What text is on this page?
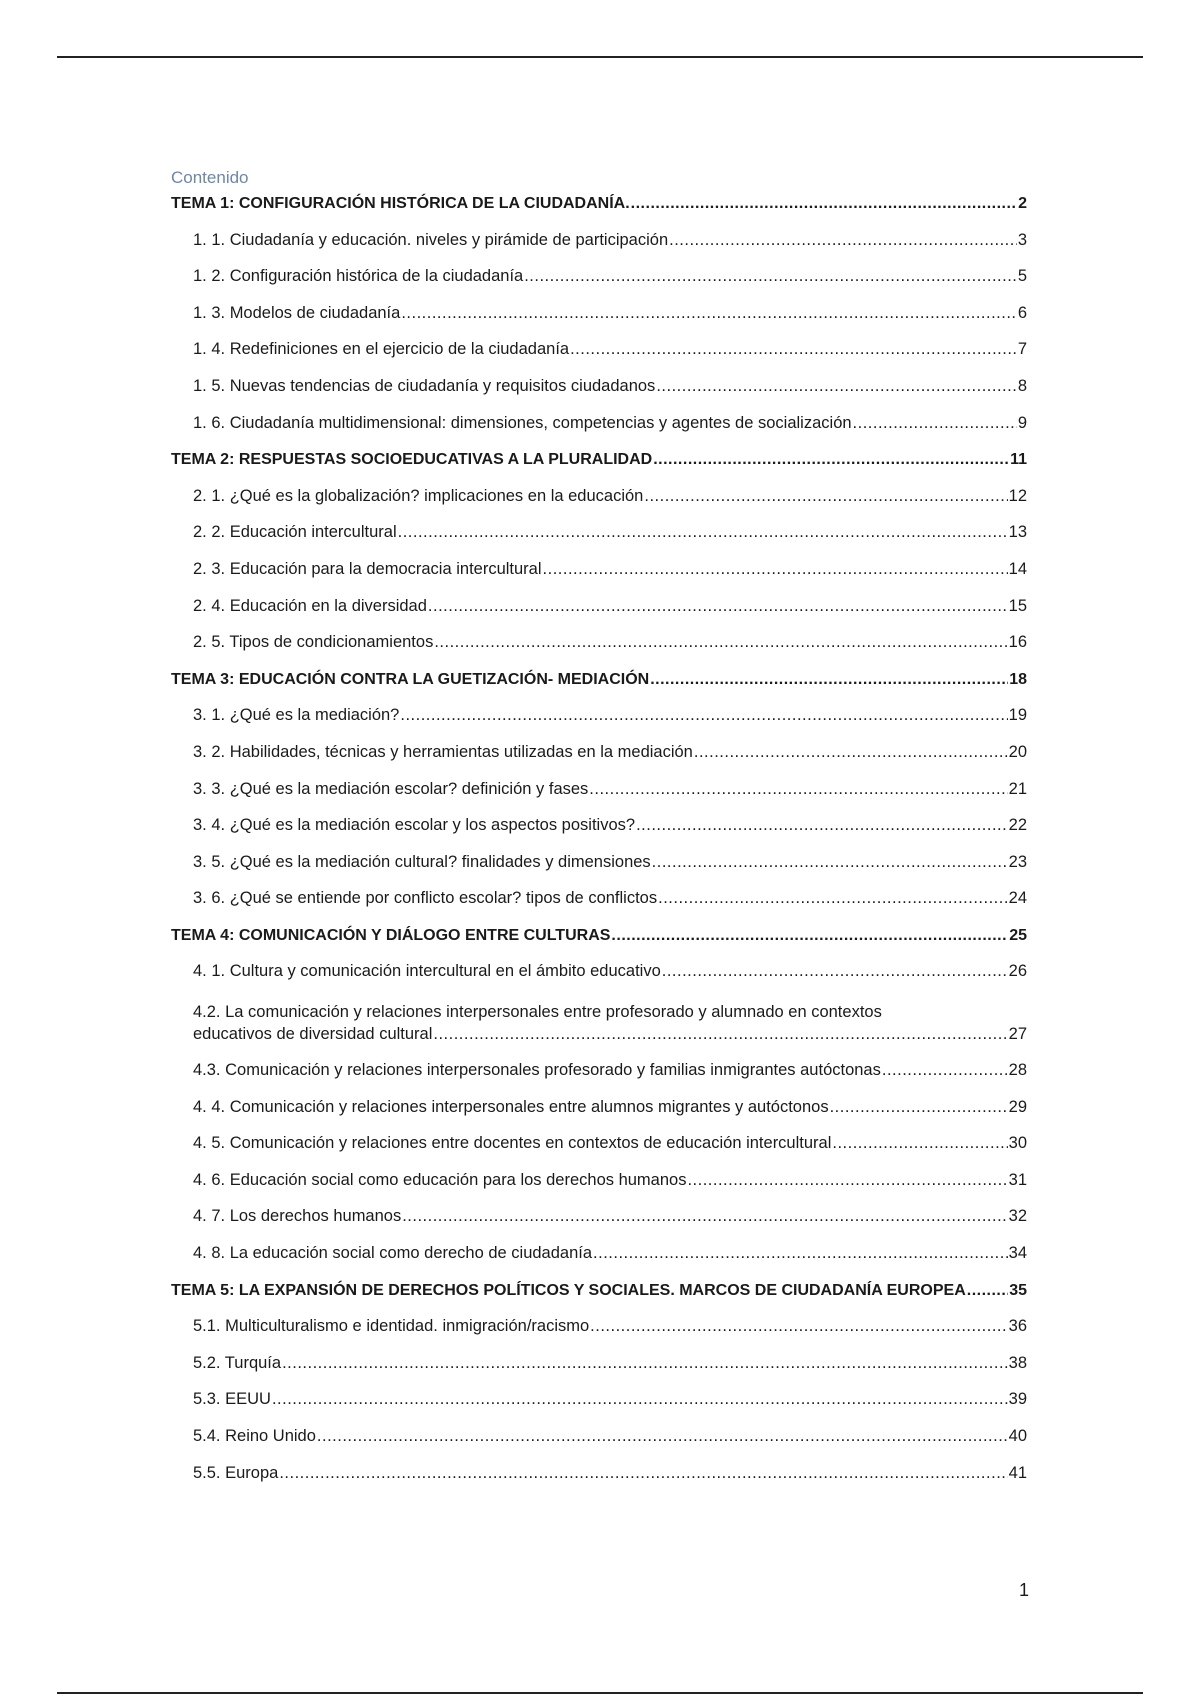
Contenido
TEMA 1: CONFIGURACIÓN HISTÓRICA DE LA CIUDADANÍA. .....	2
1. 1. Ciudadanía y educación. niveles y pirámide de participación .....	3
1. 2. Configuración histórica de la ciudadanía .....	5
1. 3. Modelos de ciudadanía .....	6
1. 4. Redefiniciones en el ejercicio de la ciudadanía .....	7
1. 5. Nuevas tendencias de ciudadanía y requisitos ciudadanos .....	8
1. 6. Ciudadanía multidimensional: dimensiones, competencias y agentes de socialización .....	9
TEMA 2: RESPUESTAS SOCIOEDUCATIVAS A LA PLURALIDAD .....	11
2. 1. ¿Qué es la globalización? implicaciones en la educación .....	12
2. 2. Educación intercultural .....	13
2. 3. Educación para la democracia intercultural .....	14
2. 4. Educación en la diversidad .....	15
2. 5. Tipos de condicionamientos .....	16
TEMA 3: EDUCACIÓN CONTRA LA GUETIZACIÓN- MEDIACIÓN .....	18
3. 1. ¿Qué es la mediación? .....	19
3. 2. Habilidades, técnicas y herramientas utilizadas en la mediación .....	20
3. 3. ¿Qué es la mediación escolar? definición y fases .....	21
3. 4. ¿Qué es la mediación escolar y los aspectos positivos? .....	22
3. 5. ¿Qué es la mediación cultural? finalidades y dimensiones .....	23
3. 6. ¿Qué se entiende por conflicto escolar? tipos de conflictos .....	24
TEMA 4: COMUNICACIÓN Y DIÁLOGO ENTRE CULTURAS .....	25
4. 1. Cultura y comunicación intercultural en el ámbito educativo .....	26
4.2. La comunicación y relaciones interpersonales entre profesorado y alumnado en contextos
educativos de diversidad cultural .....	27
4.3. Comunicación y relaciones interpersonales profesorado y familias inmigrantes autóctonas .....	28
4. 4. Comunicación y relaciones interpersonales entre alumnos migrantes y autóctonos .....	29
4. 5. Comunicación y relaciones entre docentes en contextos de educación intercultural .....	30
4. 6. Educación social como educación para los derechos humanos .....	31
4. 7. Los derechos humanos .....	32
4. 8. La educación social como derecho de ciudadanía .....	34
TEMA 5: LA EXPANSIÓN DE DERECHOS POLÍTICOS Y SOCIALES. MARCOS DE CIUDADANÍA EUROPEA .....	35
5.1. Multiculturalismo e identidad. inmigración/racismo .....	36
5.2. Turquía .....	38
5.3. EEUU .....	39
5.4. Reino Unido .....	40
5.5. Europa .....	41
1
